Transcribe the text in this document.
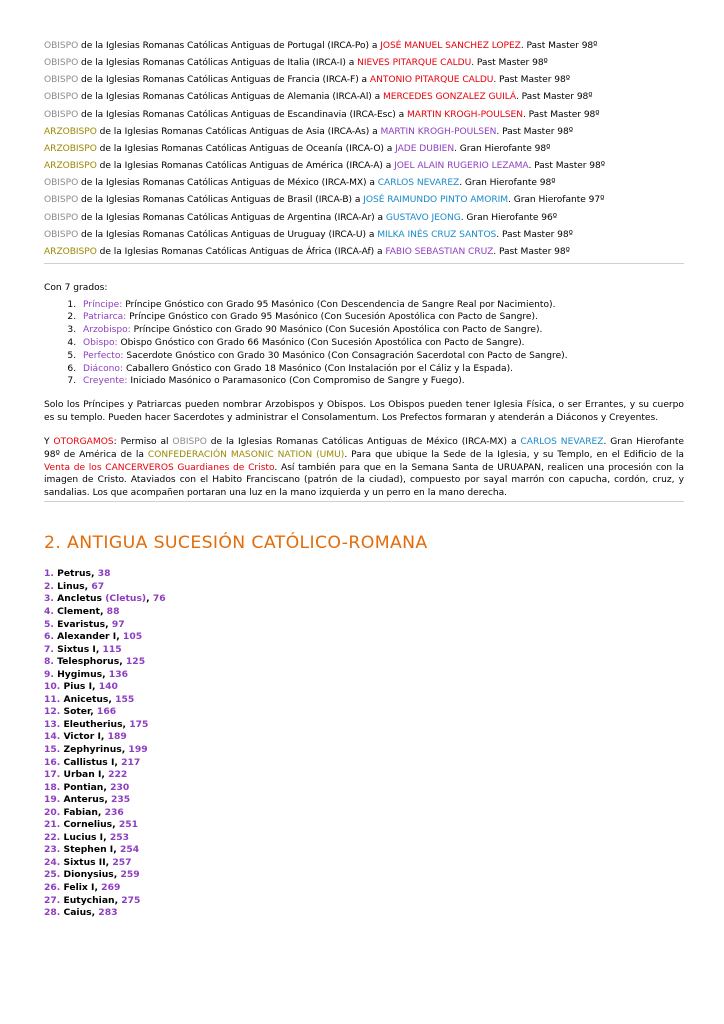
OBISPO de la Iglesias Romanas Católicas Antiguas de Portugal (IRCA-Po) a JOSÉ MANUEL SANCHEZ LOPEZ. Past Master 98º
OBISPO de la Iglesias Romanas Católicas Antiguas de Italia (IRCA-I) a NIEVES PITARQUE CALDU. Past Master 98º
OBISPO de la Iglesias Romanas Católicas Antiguas de Francia (IRCA-F) a ANTONIO PITARQUE CALDU. Past Master 98º
OBISPO de la Iglesias Romanas Católicas Antiguas de Alemania (IRCA-Al) a MERCEDES GONZALEZ GUILÁ. Past Master 98º
OBISPO de la Iglesias Romanas Católicas Antiguas de Escandinavia (IRCA-Esc) a MARTIN KROGH-POULSEN. Past Master 98º
ARZOBISPO de la Iglesias Romanas Católicas Antiguas de Asia (IRCA-As) a MARTIN KROGH-POULSEN. Past Master 98º
ARZOBISPO de la Iglesias Romanas Católicas Antiguas de Oceanía (IRCA-O) a JADE DUBIEN. Gran Hierofante 98º
ARZOBISPO de la Iglesias Romanas Católicas Antiguas de América (IRCA-A) a JOEL ALAIN RUGERIO LEZAMA. Past Master 98º
OBISPO de la Iglesias Romanas Católicas Antiguas de México (IRCA-MX) a CARLOS NEVAREZ. Gran Hierofante 98º
OBISPO de la Iglesias Romanas Católicas Antiguas de Brasil (IRCA-B) a JOSÉ RAIMUNDO PINTO AMORIM. Gran Hierofante 97º
OBISPO de la Iglesias Romanas Católicas Antiguas de Argentina (IRCA-Ar) a GUSTAVO JEONG. Gran Hierofante 96º
OBISPO de la Iglesias Romanas Católicas Antiguas de Uruguay (IRCA-U) a MILKA INÉS CRUZ SANTOS. Past Master 98º
ARZOBISPO de la Iglesias Romanas Católicas Antiguas de África (IRCA-Af) a FABIO SEBASTIAN CRUZ. Past Master 98º

Con 7 grados:

1. Príncipe: Príncipe Gnóstico con Grado 95 Masónico (Con Descendencia de Sangre Real por Nacimiento).
2. Patriarca: Príncipe Gnóstico con Grado 95 Masónico (Con Sucesión Apostólica con Pacto de Sangre).
3. Arzobispo: Príncipe Gnóstico con Grado 90 Masónico (Con Sucesión Apostólica con Pacto de Sangre).
4. Obispo: Obispo Gnóstico con Grado 66 Masónico (Con Sucesión Apostólica con Pacto de Sangre).
5. Perfecto: Sacerdote Gnóstico con Grado 30 Masónico (Con Consagración Sacerdotal con Pacto de Sangre).
6. Diácono: Caballero Gnóstico con Grado 18 Masónico (Con Instalación por el Cáliz y la Espada).
7. Creyente: Iniciado Masónico o Paramasonico (Con Compromiso de Sangre y Fuego).

Solo los Príncipes y Patriarcas pueden nombrar Arzobispos y Obispos. Los Obispos pueden tener Iglesia Física, o ser Errantes, y su cuerpo es su templo. Pueden hacer Sacerdotes y administrar el Consolamentum. Los Prefectos formaran y atenderán a Diáconos y Creyentes.

Y OTORGAMOS: Permiso al OBISPO de la Iglesias Romanas Católicas Antiguas de México (IRCA-MX) a CARLOS NEVAREZ. Gran Hierofante 98º de América de la CONFEDERACIÓN MASONIC NATION (UMU). Para que ubique la Sede de la Iglesia, y su Templo, en el Edificio de la Venta de los CANCERVEROS Guardianes de Cristo. Así también para que en la Semana Santa de URUAPAN, realicen una procesión con la imagen de Cristo. Ataviados con el Habito Franciscano (patrón de la ciudad), compuesto por sayal marrón con capucha, cordón, cruz, y sandalias. Los que acompañen portaran una luz en la mano izquierda y un perro en la mano derecha.

2. ANTIGUA SUCESIÓN CATÓLICO-ROMANA
1. Petrus, 38
2. Linus, 67
3. Ancletus (Cletus), 76
4. Clement, 88
5. Evaristus, 97
6. Alexander I, 105
7. Sixtus I, 115
8. Telesphorus, 125
9. Hygimus, 136
10. Pius I, 140
11. Anicetus, 155
12. Soter, 166
13. Eleutherius, 175
14. Victor I, 189
15. Zephyrinus, 199
16. Callistus I, 217
17. Urban I, 222
18. Pontian, 230
19. Anterus, 235
20. Fabian, 236
21. Cornelius, 251
22. Lucius I, 253
23. Stephen I, 254
24. Sixtus II, 257
25. Dionysius, 259
26. Felix I, 269
27. Eutychian, 275
28. Caius, 283
